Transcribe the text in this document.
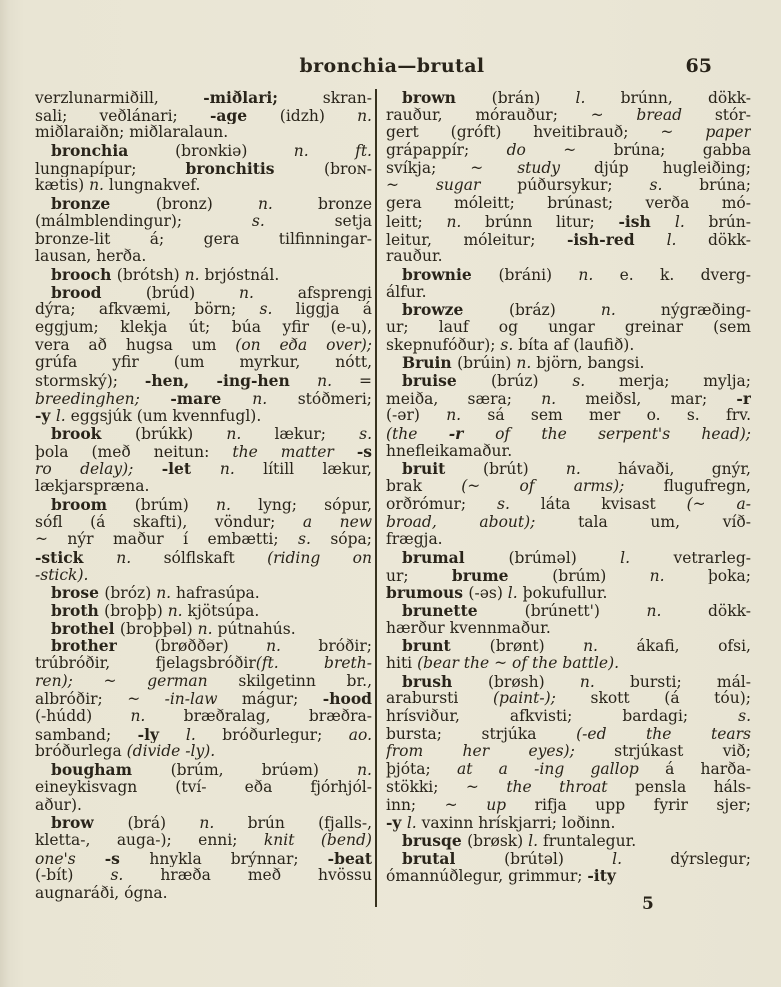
bronchia—brutal	65
verzlunarmiðill, -miðlari; skran-
sali; veðlánari; -age (idzh) n.
miðlaraiðn; miðlaralaun.
bronchia (broɴkiə) n. ft.
lungnapípur; bronchitis (broɴ-
kætis) n. lungnakvef.
bronze (bronz) n. bronze
(málmblendingur); s. setja
bronze-lit á; gera tilfinningar-
lausan, herða.
brooch (brótsh) n. brjóstnál.
brood (brúd) n. afsprengi
dýra; afkvæmi, börn; s. liggja á
eggjum; klekja út; búa yfir (e-u),
vera að hugsa um (on eða over);
grúfa yfir (um myrkur, nótt,
stormský); -hen, -ing-hen n. =
breedinghen; -mare n. stóðmeri;
-y l. eggsjúk (um kvennfugl).
brook (brúkk) n. lækur; s.
þola (með neitun: the matter -s
ro delay); -let n. lítill lækur,
lækjarspræna.
broom (brúm) n. lyng; sópur,
sófl (á skafti), vöndur; a new
~ nýr maður í embætti; s. sópa;
-stick n. sólflskaft (riding on
-stick).
brose (bróz) n. hafrasúpa.
broth (broþþ) n. kjötsúpa.
brothel (broþþəl) n. pútnahús.
brother (brøððər) n. bróðir;
trúbróðir, fjelagsbróðir(ft. breth-
ren); ~ german skilgetinn br.,
albróðir; ~ -in-law mágur; -hood
(-húdd) n. bræðralag, bræðra-
samband; -ly l. bróðurlegur; ao.
bróðurlega (divide -ly).
bougham (brúm, brúəm) n.
eineykisvagn (tví- eða fjórhjól-
aður).
brow (brá) n. brún (fjalls-,
kletta-, auga-); enni; knit (bend)
one's -s hnykla brýnnar; -beat
(-bít) s. hræða með hvössu
augnaráði, ógna.
brown (brán) l. brúnn, dökk-
rauður, mórauður; ~ bread stór-
gert (gróft) hveitibrauð; ~ paper
grápappír; do ~ brúna; gabba
svíkja; ~ study djúp hugleiðing;
~ sugar púðursykur; s. brúna;
gera móleitt; brúnast; verða mó-
leitt; n. brúnn litur; -ish l. brún-
leitur, móleitur; -ish-red l. dökk-
rauður.
brownie (bráni) n. e. k. dverg-
álfur.
browze (bráz) n. nýgræðing-
ur; lauf og ungar greinar (sem
skepnufóður); s. bíta af (laufið).
Bruin (brúin) n. björn, bangsi.
bruise (brúz) s. merja; mylja;
meiða, særa; n. meiðsl, mar; -r
(-ər) n. sá sem mer o. s. frv.
(the -r of the serpent's head);
hnefleikamaður.
bruit (brút) n. hávaði, gnýr,
brak (~ of arms); flugufregn,
orðrómur; s. láta kvisast (~ a-
broad, about); tala um, víð-
frægja.
brumal (brúməl) l. vetrarleg-
ur; brume (brúm) n. þoka;
brumous (-əs) l. þokufullur.
brunette (brúnett') n. dökk-
hærður kvennmaður.
brunt (brønt) n. ákafi, ofsi,
hiti (bear the ~ of the battle).
brush (brøsh) n. bursti; mál-
arabursti (paint-); skott (á tóu);
hrísviður, afkvisti; bardagi; s.
bursta; strjúka (-ed the tears
from her eyes); strjúkast við;
þjóta; at a -ing gallop á harða-
stökki; ~ the throat pensla háls-
inn; ~ up rifja upp fyrir sjer;
-y l. vaxinn hrískjarri; loðinn.
brusqe (brøsk) l. fruntalegur.
brutal (brútəl) l. dýrslegur;
ómannúðlegur, grimmur; -ity
5
